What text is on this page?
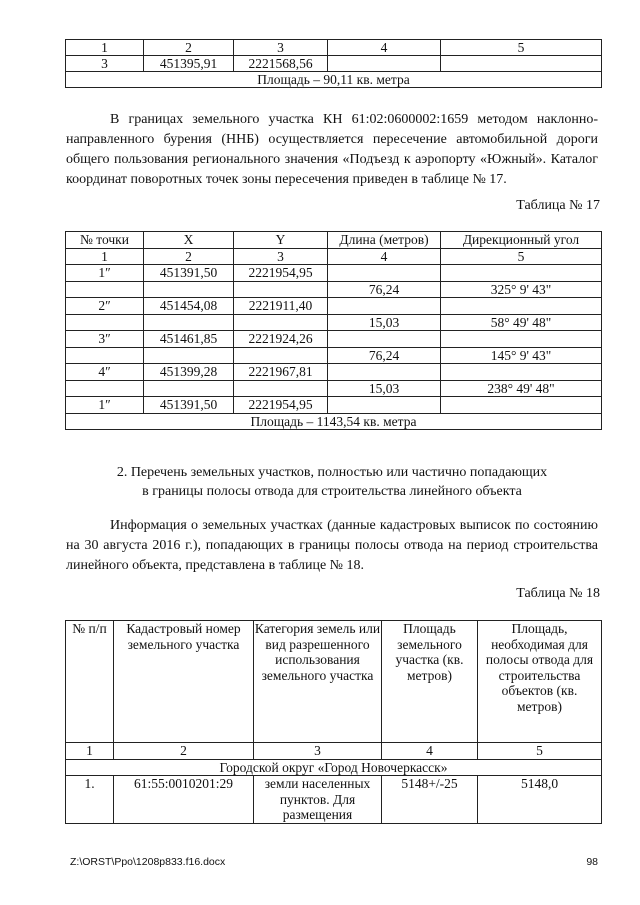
1	2	3	4	5
3	451395,91	2221568,56		
Площадь – 90,11 кв. метра				

В границах земельного участка КН 61:02:0600002:1659 методом наклонно-направленного бурения (ННБ) осуществляется пересечение автомобильной дороги общего пользования регионального значения «Подъезд к аэропорту «Южный». Каталог координат поворотных точек зоны пересечения приведен в таблице № 17.

Таблица № 17
№ точки	X	Y	Длина (метров)	Дирекционный угол
1	2	3	4	5
1″	451391,50	2221954,95		
			76,24	325° 9' 43"
2″	451454,08	2221911,40		
			15,03	58° 49' 48"
3″	451461,85	2221924,26		
			76,24	145° 9' 43"
4″	451399,28	2221967,81		
			15,03	238° 49' 48"
1″	451391,50	2221954,95		
Площадь – 1143,54 кв. метра				
2. Перечень земельных участков, полностью или частично попадающих
в границы полосы отвода для строительства линейного объекта

Информация о земельных участках (данные кадастровых выписок по состоянию на 30 августа 2016 г.), попадающих в границы полосы отвода на период строительства линейного объекта, представлена в таблице № 18.

Таблица № 18
№ п/п	Кадастровый номер земельного участка	Категория земель или вид разрешенного использования земельного участка	Площадь земельного участка (кв. метров)	Площадь, необходимая для полосы отвода для строительства объектов (кв. метров)
1	2	3	4	5
Городской округ «Город Новочеркасск»				
1.	61:55:0010201:29	земли населенных пунктов. Для размещения	5148+/-25	5148,0
Z:\ORST\Ppo\1208p833.f16.docx	98
